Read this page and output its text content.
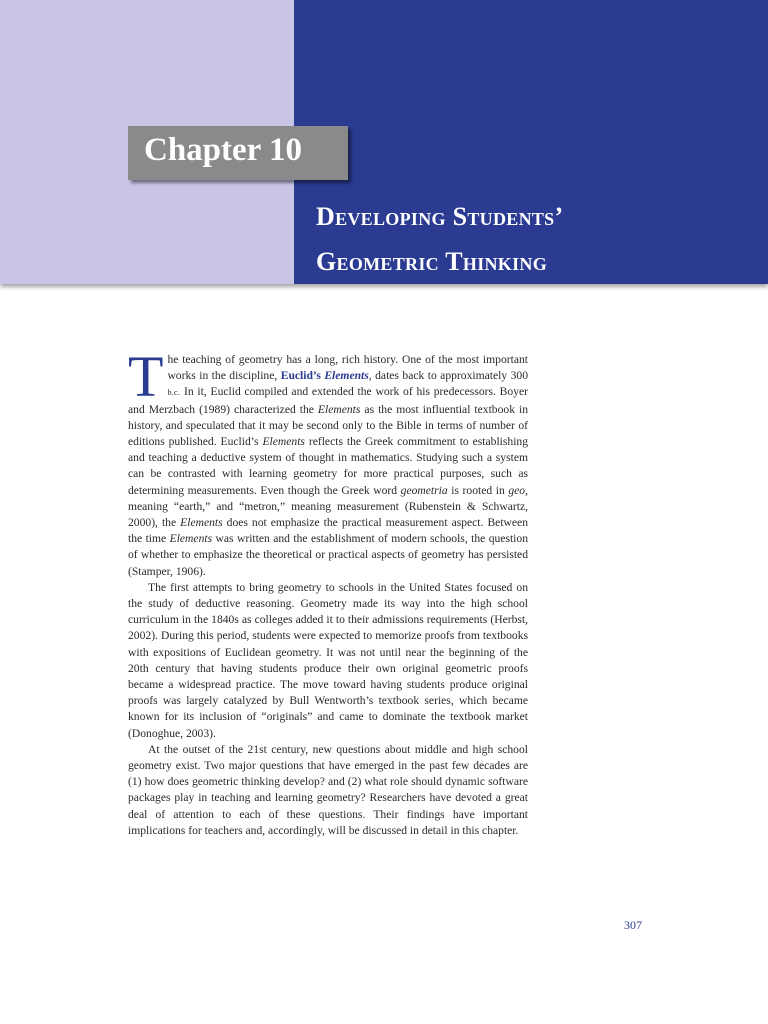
Chapter 10
Developing Students’
Geometric Thinking

The teaching of geometry has a long, rich history. One of the most important works in the discipline, Euclid’s Elements, dates back to approximately 300 b.c. In it, Euclid compiled and extended the work of his predecessors. Boyer and Merzbach (1989) characterized the Elements as the most influential textbook in history, and speculated that it may be second only to the Bible in terms of number of editions published. Euclid’s Elements reflects the Greek commitment to establishing and teaching a deductive system of thought in mathematics. Studying such a system can be contrasted with learning geometry for more practical purposes, such as determining measurements. Even though the Greek word geometria is rooted in geo, meaning “earth,” and “metron,” meaning measurement (Rubenstein & Schwartz, 2000), the Elements does not emphasize the practical measurement aspect. Between the time Elements was written and the establishment of modern schools, the question of whether to emphasize the theoretical or practical aspects of geometry has persisted (Stamper, 1906).

The first attempts to bring geometry to schools in the United States focused on the study of deductive reasoning. Geometry made its way into the high school curriculum in the 1840s as colleges added it to their admissions requirements (Herbst, 2002). During this period, students were expected to memorize proofs from textbooks with expositions of Euclidean geometry. It was not until near the beginning of the 20th century that having students produce their own original geometric proofs became a widespread practice. The move toward having students produce original proofs was largely catalyzed by Bull Wentworth’s textbook series, which became known for its inclusion of “originals” and came to dominate the textbook market (Donoghue, 2003).

At the outset of the 21st century, new questions about middle and high school geometry exist. Two major questions that have emerged in the past few decades are (1) how does geometric thinking develop? and (2) what role should dynamic software packages play in teaching and learning geometry? Researchers have devoted a great deal of attention to each of these questions. Their findings have important implications for teachers and, accordingly, will be discussed in detail in this chapter.

307
